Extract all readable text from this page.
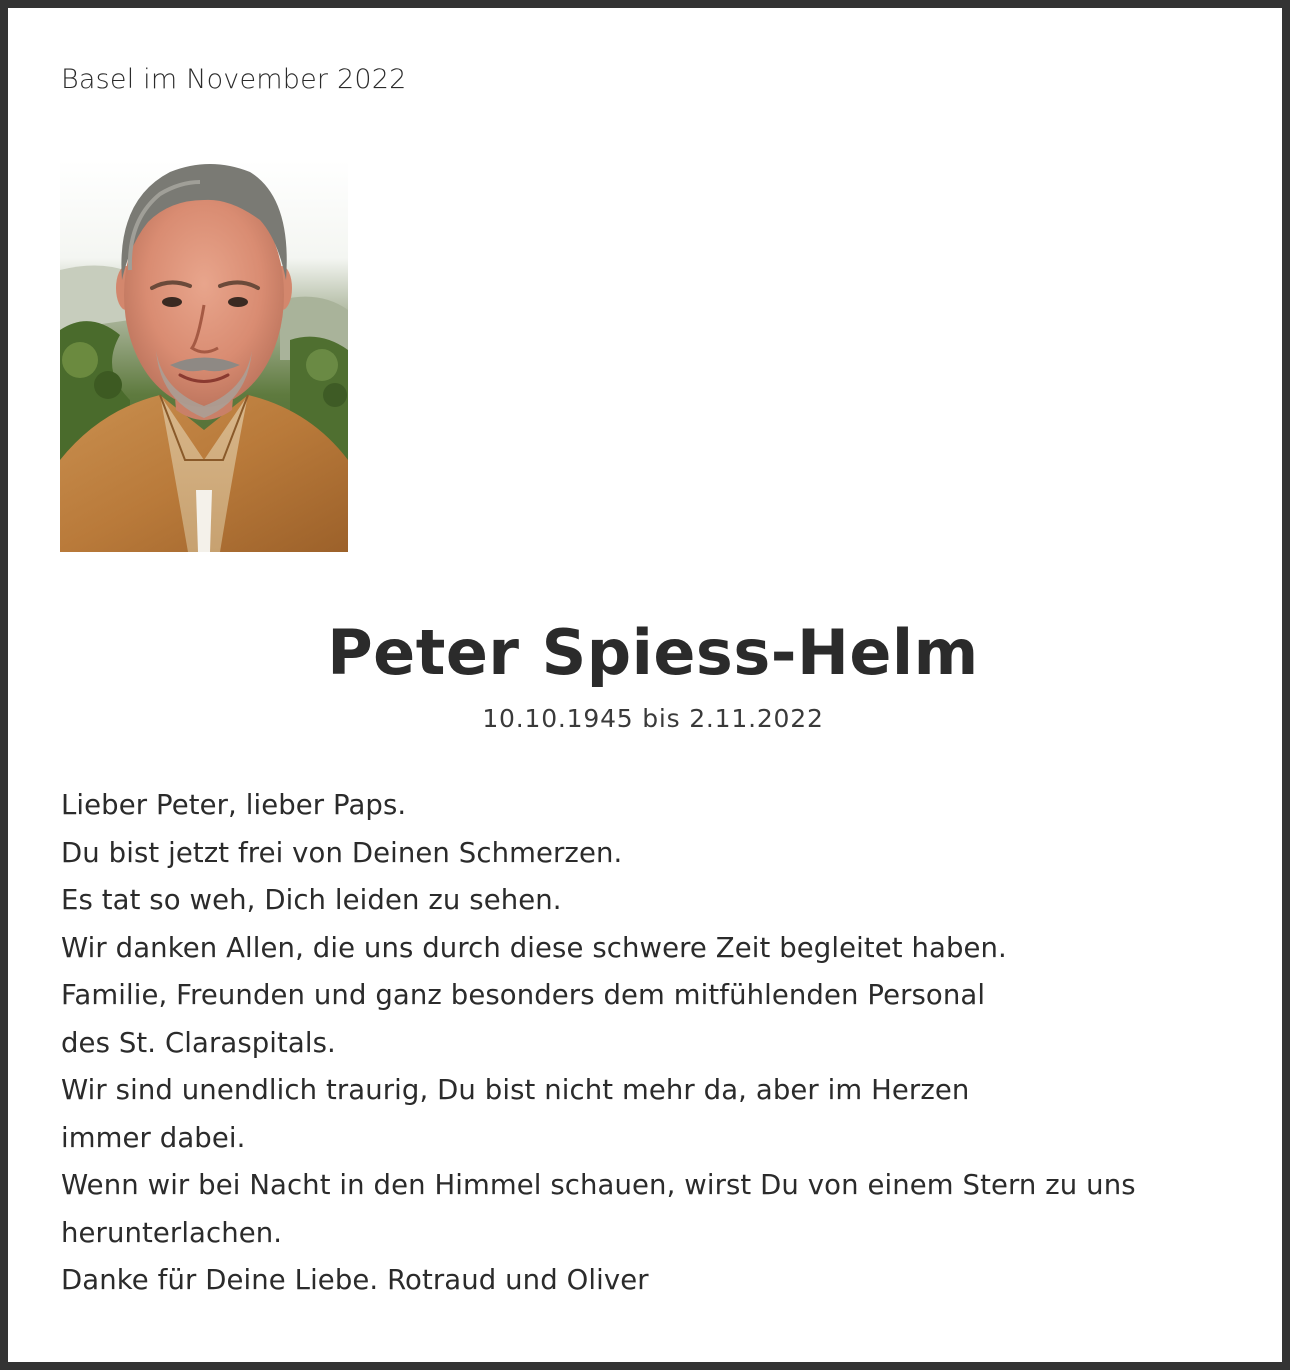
Basel im November 2022
Peter Spiess-Helm
10.10.1945 bis 2.11.2022
Lieber Peter, lieber Paps.
Du bist jetzt frei von Deinen Schmerzen.
Es tat so weh, Dich leiden zu sehen.
Wir danken Allen, die uns durch diese schwere Zeit begleitet haben.
Familie, Freunden und ganz besonders dem mitfühlenden Personal
des St. Claraspitals.
Wir sind unendlich traurig, Du bist nicht mehr da, aber im Herzen
immer dabei.
Wenn wir bei Nacht in den Himmel schauen, wirst Du von einem Stern zu uns
herunterlachen.
Danke für Deine Liebe. Rotraud und Oliver
